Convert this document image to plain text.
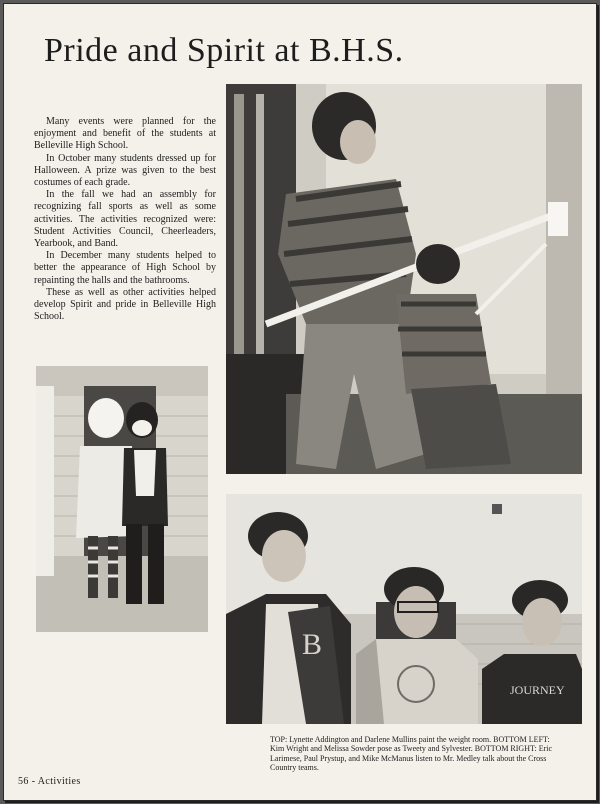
Pride and Spirit at B.H.S.

Many events were planned for the enjoyment and benefit of the students at Belleville High School.

In October many students dressed up for Halloween. A prize was given to the best costumes of each grade.

In the fall we had an assembly for recognizing fall sports as well as some activities. The activities recognized were: Student Activities Council, Cheerleaders, Yearbook, and Band.

In December many students helped to better the appearance of High School by repainting the halls and the bathrooms.

These as well as other activities helped develop Spirit and pride in Belleville High School.

B
JOURNEY
TOP: Lynette Addington and Darlene Mullins paint the weight room. BOTTOM LEFT: Kim Wright and Melissa Sowder pose as Tweety and Sylvester. BOTTOM RIGHT: Eric Larimese, Paul Prystup, and Mike McManus listen to Mr. Medley talk about the Cross Country teams.
56 - Activities
